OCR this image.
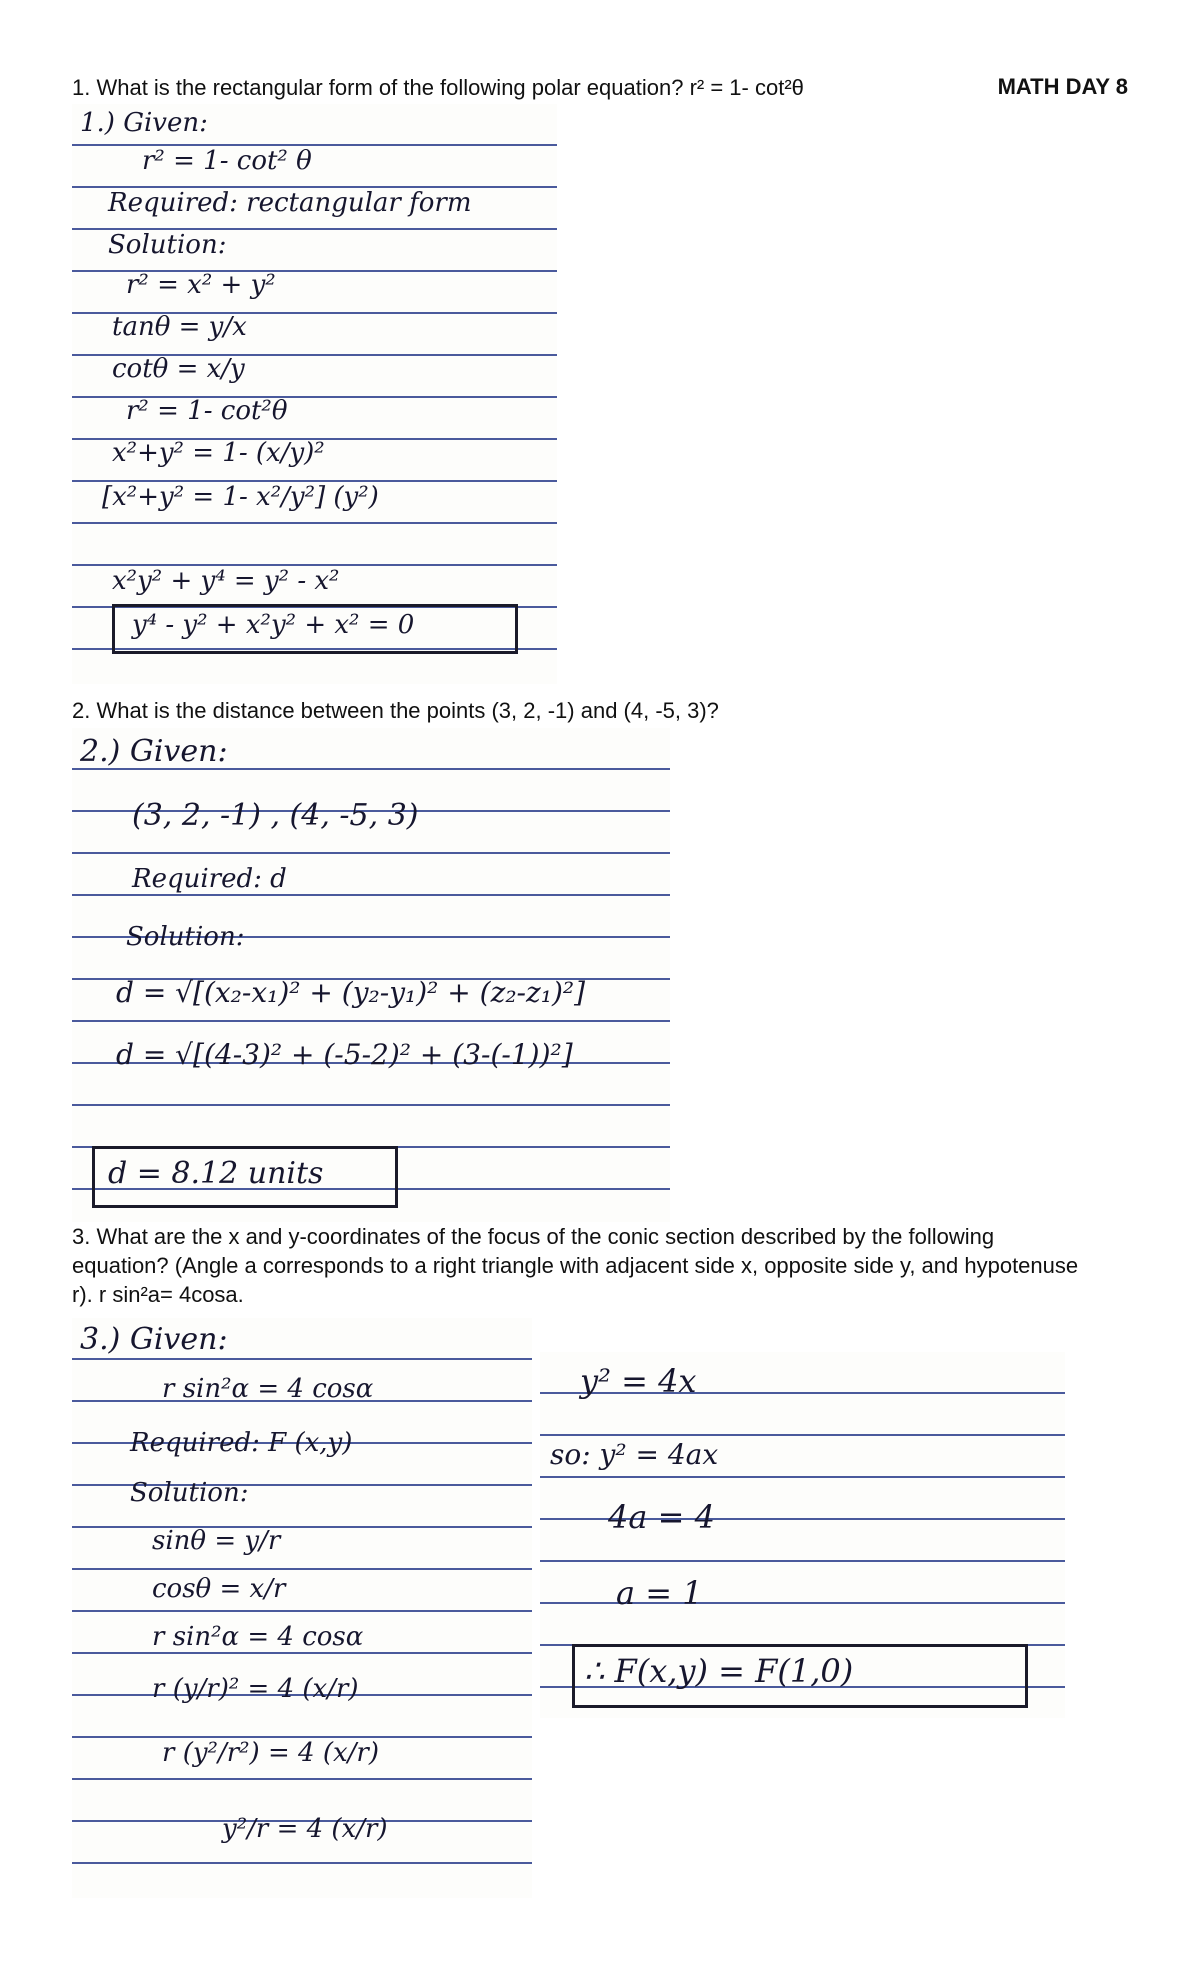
MATH DAY 8

1. What is the rectangular form of the following polar equation? r² = 1- cot²θ

1.) Given:

r² = 1- cot² θ

Required: rectangular form

Solution:

r² = x² + y²

tanθ = y/x

cotθ = x/y

r² = 1- cot²θ

x²+y² = 1- (x/y)²

[x²+y² = 1- x²/y²] (y²)

x²y² + y⁴ = y² - x²

y⁴ - y² + x²y² + x² = 0

2. What is the distance between the points (3, 2, -1) and (4, -5, 3)?

2.) Given:

(3, 2, -1) , (4, -5, 3)

Required: d

Solution:

d = √[(x₂-x₁)² + (y₂-y₁)² + (z₂-z₁)²]

d = √[(4-3)² + (-5-2)² + (3-(-1))²]

d = 8.12 units

3. What are the x and y-coordinates of the focus of the conic section described by the following equation? (Angle a corresponds to a right triangle with adjacent side x, opposite side y, and hypotenuse r). r sin²a= 4cosa.

3.) Given:

r sin²α = 4 cosα

Required: F (x,y)

Solution:

sinθ = y/r

cosθ = x/r

r sin²α = 4 cosα

r (y/r)² = 4 (x/r)

r (y²/r²) = 4 (x/r)

y²/r = 4 (x/r)

y² = 4x

so: y² = 4ax

4a = 4

a = 1

∴ F(x,y) = F(1,0)
